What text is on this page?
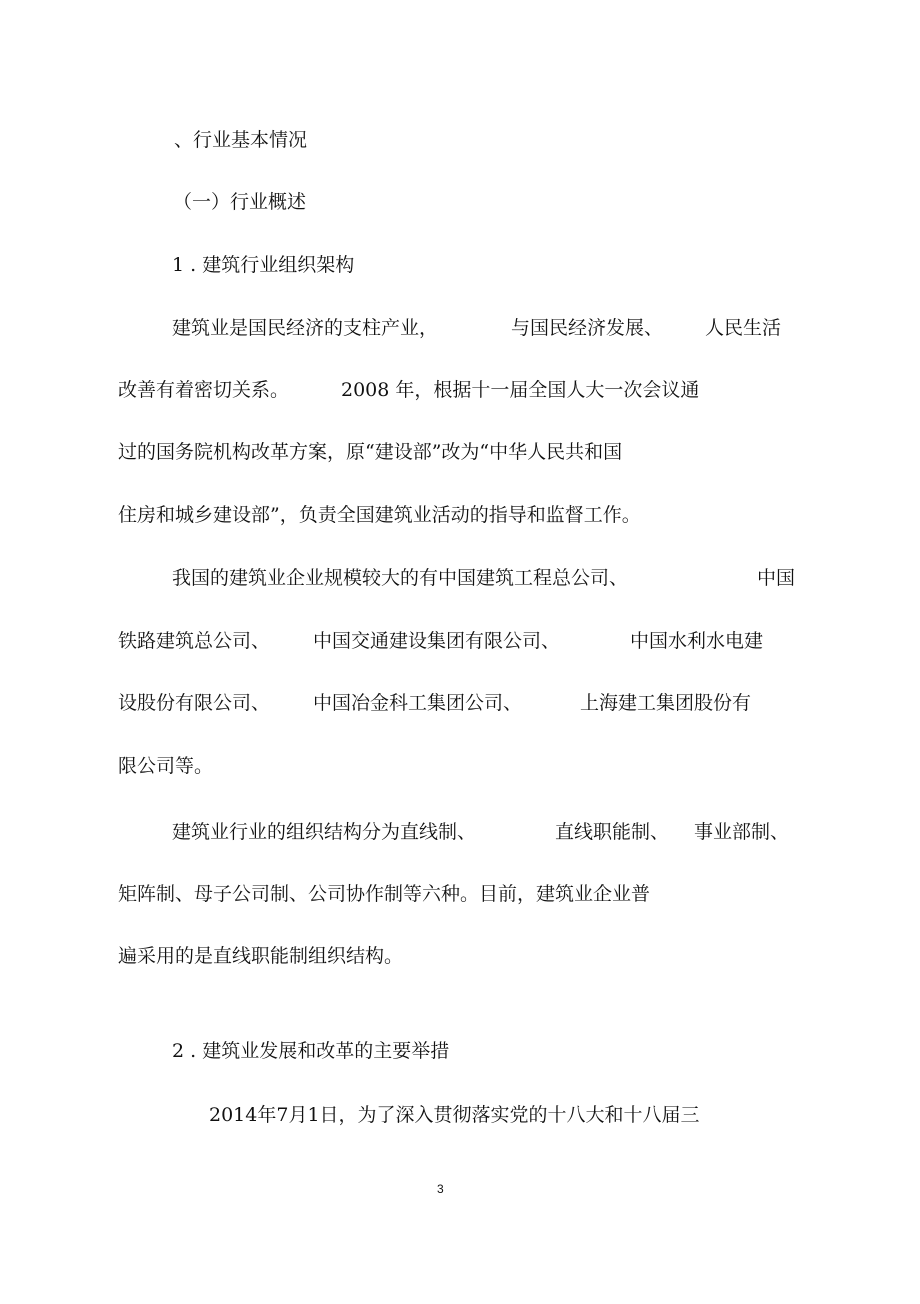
、行业基本情况
（一）行业概述
1 . 建筑行业组织架构
建筑业是国民经济的支柱产业，	与国民经济发展、 人民生活
改善有着密切关系。	2008 年，根据十一届全国人大一次会议通
过的国务院机构改革方案，原“建设部”改为“中华人民共和国
住房和城乡建设部”，负责全国建筑业活动的指导和监督工作。
我国的建筑业企业规模较大的有中国建筑工程总公司、	中国
铁路建筑总公司、 中国交通建设集团有限公司、	中国水利水电建
设股份有限公司、 中国冶金科工集团公司、	上海建工集团股份有
限公司等。
建筑业行业的组织结构分为直线制、	直线职能制、 事业部制、
矩阵制、母子公司制、公司协作制等六种。目前，建筑业企业普
遍采用的是直线职能制组织结构。
2 . 建筑业发展和改革的主要举措
2014年7月1日，为了深入贯彻落实党的十八大和十八届三
3
